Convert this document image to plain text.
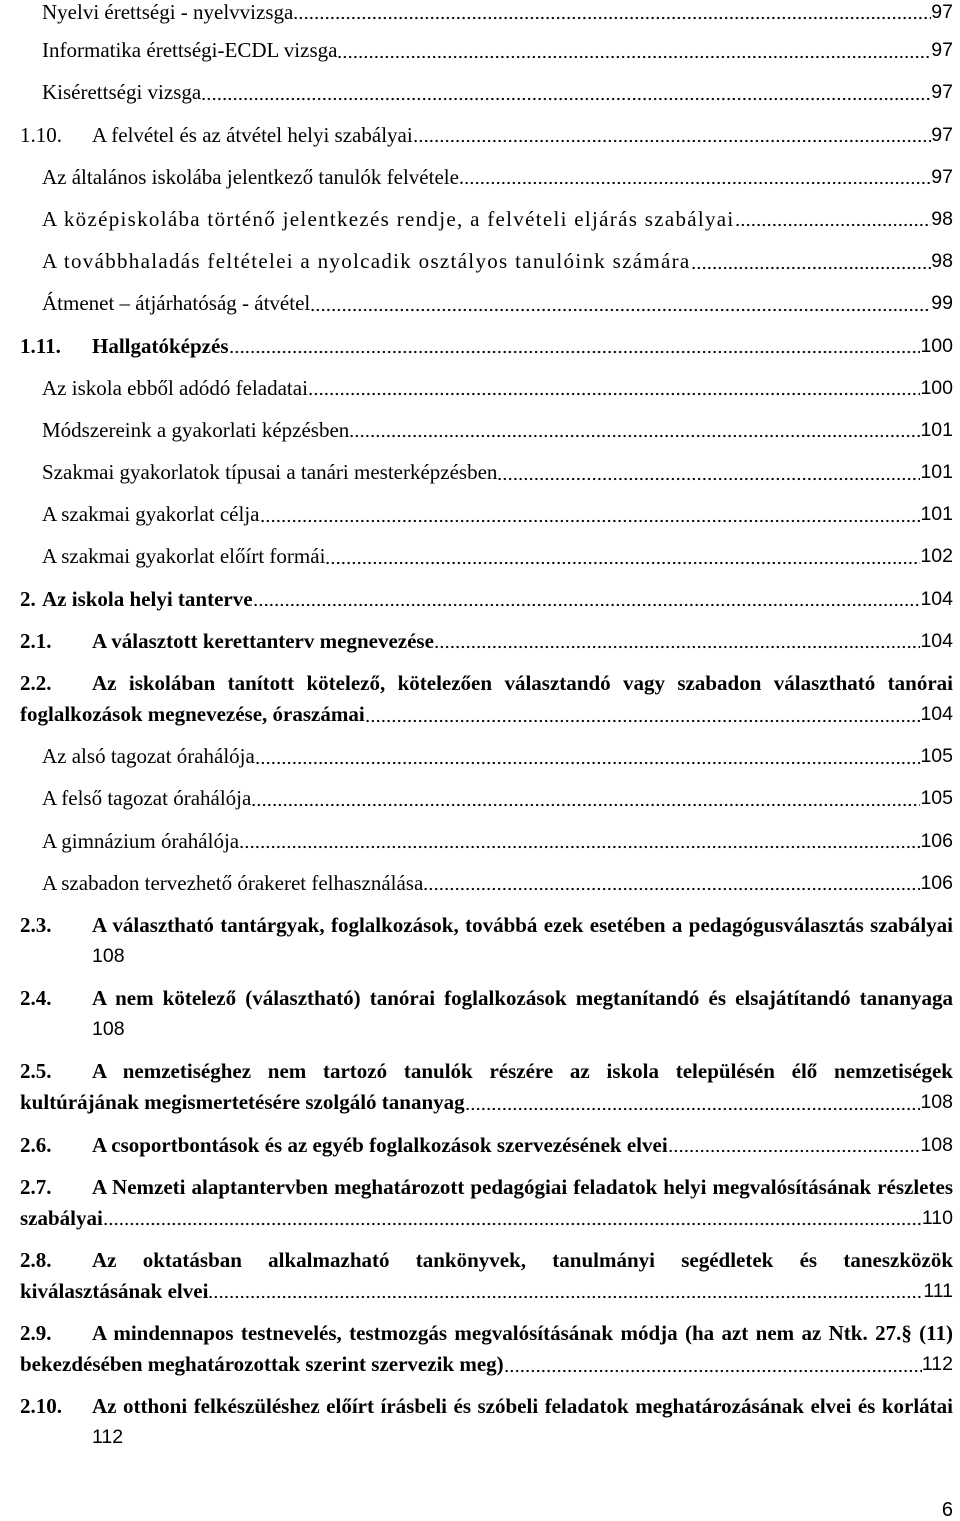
Nyelvi érettségi - nyelvvizsga	97
Informatika érettségi-ECDL vizsga	97
Kisérettségi vizsga	97
1.10.	A felvétel és az átvétel helyi szabályai	97
Az általános iskolába jelentkező tanulók felvétele.	97
A középiskolába történő jelentkezés rendje, a felvételi eljárás szabályai	98
A továbbhaladás feltételei a nyolcadik osztályos tanulóink számára	98
Átmenet – átjárhatóság - átvétel	99
1.11.	Hallgatóképzés	100
Az iskola ebből adódó feladatai	100
Módszereink a gyakorlati képzésben	101
Szakmai gyakorlatok típusai a tanári mesterképzésben	101
A szakmai gyakorlat célja	101
A szakmai gyakorlat előírt formái	102
2. Az iskola helyi tanterve	104
2.1.	A választott kerettanterv megnevezése	104
2.2.	Az iskolában tanított kötelező, kötelezően választandó vagy szabadon választható tanórai
foglalkozások megnevezése, óraszámai	104
Az alsó tagozat órahálója	105
A felső tagozat órahálója	105
A gimnázium órahálója	106
A szabadon tervezhető órakeret felhasználása	106
2.3.	A választható tantárgyak, foglalkozások, továbbá ezek esetében a pedagógusválasztás szabályai
108
2.4.	A nem kötelező (választható) tanórai foglalkozások megtanítandó és elsajátítandó tananyaga
108
2.5.	A nemzetiséghez nem tartozó tanulók részére az iskola településén élő nemzetiségek
kultúrájának megismertetésére szolgáló tananyag	108
2.6.	A csoportbontások és az egyéb foglalkozások szervezésének elvei	108
2.7.	A Nemzeti alaptantervben meghatározott pedagógiai feladatok helyi megvalósításának részletes
szabályai	110
2.8.	Az oktatásban alkalmazható tankönyvek, tanulmányi segédletek és taneszközök
kiválasztásának elvei	111
2.9.	A mindennapos testnevelés, testmozgás megvalósításának módja (ha azt nem az Ntk. 27.§ (11)
bekezdésében meghatározottak szerint szervezik meg)	112
2.10.	Az otthoni felkészüléshez előírt írásbeli és szóbeli feladatok meghatározásának elvei és korlátai
112
6
